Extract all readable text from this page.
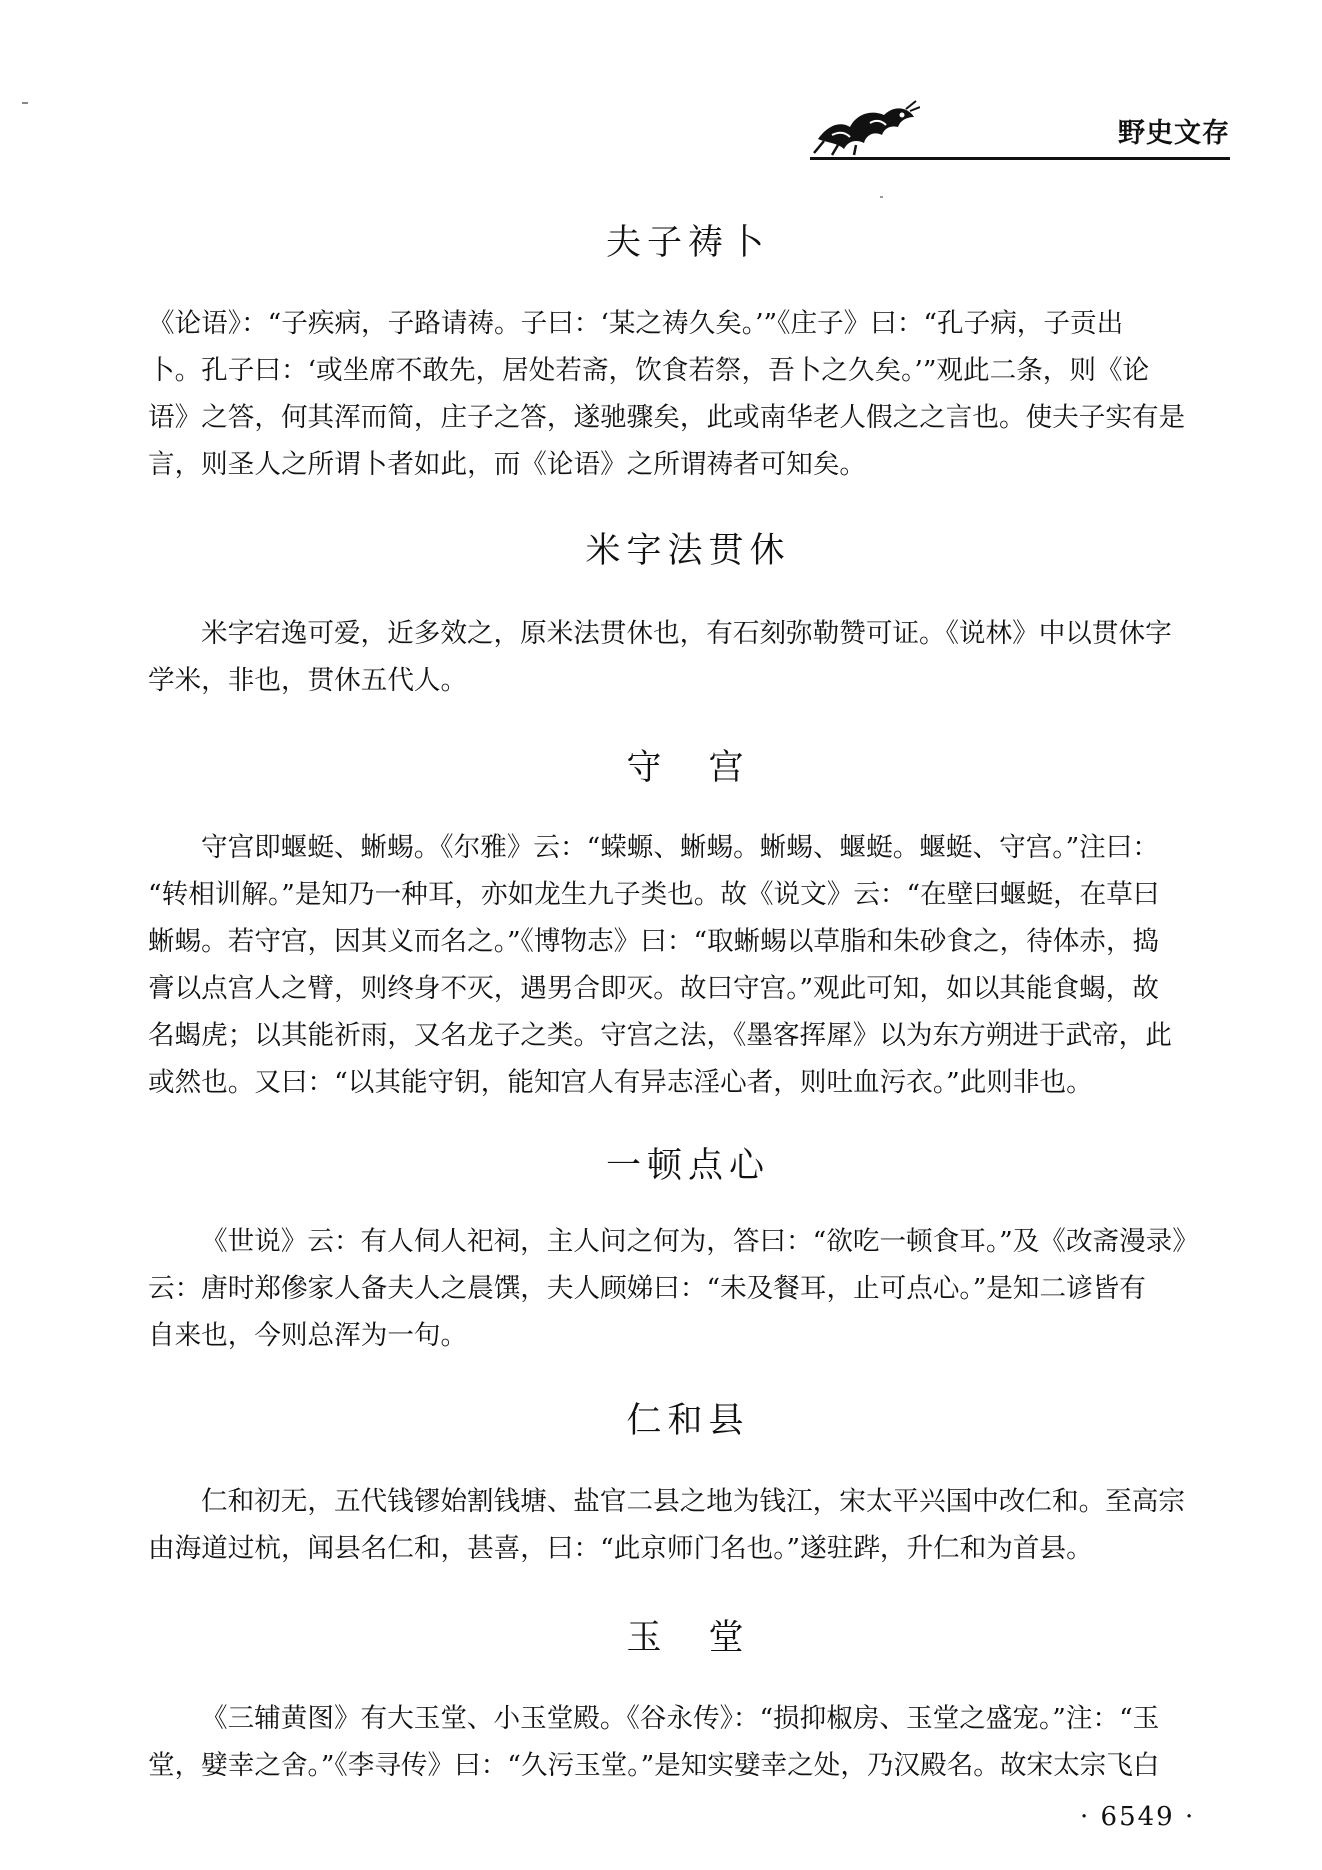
野史文存
夫子祷卜
《论语》：“子疾病，子路请祷。子曰：‘某之祷久矣。’”《庄子》曰：“孔子病，子贡出
卜。孔子曰：‘或坐席不敢先，居处若斋，饮食若祭，吾卜之久矣。’”观此二条，则《论
语》之答，何其浑而简，庄子之答，遂驰骤矣，此或南华老人假之之言也。使夫子实有是
言，则圣人之所谓卜者如此，而《论语》之所谓祷者可知矣。
米字法贯休
米字宕逸可爱，近多效之，原米法贯休也，有石刻弥勒赞可证。《说林》中以贯休字
学米，非也，贯休五代人。
守　宫
守宫即蝘蜓、蜥蜴。《尔雅》云：“蝾螈、蜥蜴。蜥蜴、蝘蜓。蝘蜓、守宫。”注曰：
“转相训解。”是知乃一种耳，亦如龙生九子类也。故《说文》云：“在壁曰蝘蜓，在草曰
蜥蜴。若守宫，因其义而名之。”《博物志》曰：“取蜥蜴以草脂和朱砂食之，待体赤，捣
膏以点宫人之臂，则终身不灭，遇男合即灭。故曰守宫。”观此可知，如以其能食蝎，故
名蝎虎；以其能祈雨，又名龙子之类。守宫之法，《墨客挥犀》以为东方朔进于武帝，此
或然也。又曰：“以其能守钥，能知宫人有异志淫心者，则吐血污衣。”此则非也。
一顿点心
《世说》云：有人伺人祀祠，主人问之何为，答曰：“欲吃一顿食耳。”及《改斋漫录》
云：唐时郑傪家人备夫人之晨馔，夫人顾娣曰：“未及餐耳，止可点心。”是知二谚皆有
自来也，今则总浑为一句。
仁和县
仁和初无，五代钱镠始割钱塘、盐官二县之地为钱江，宋太平兴国中改仁和。至高宗
由海道过杭，闻县名仁和，甚喜，曰：“此京师门名也。”遂驻跸，升仁和为首县。
玉　堂
《三辅黄图》有大玉堂、小玉堂殿。《谷永传》：“损抑椒房、玉堂之盛宠。”注：“玉
堂，嬖幸之舍。”《李寻传》曰：“久污玉堂。”是知实嬖幸之处，乃汉殿名。故宋太宗飞白
· 6549 ·
